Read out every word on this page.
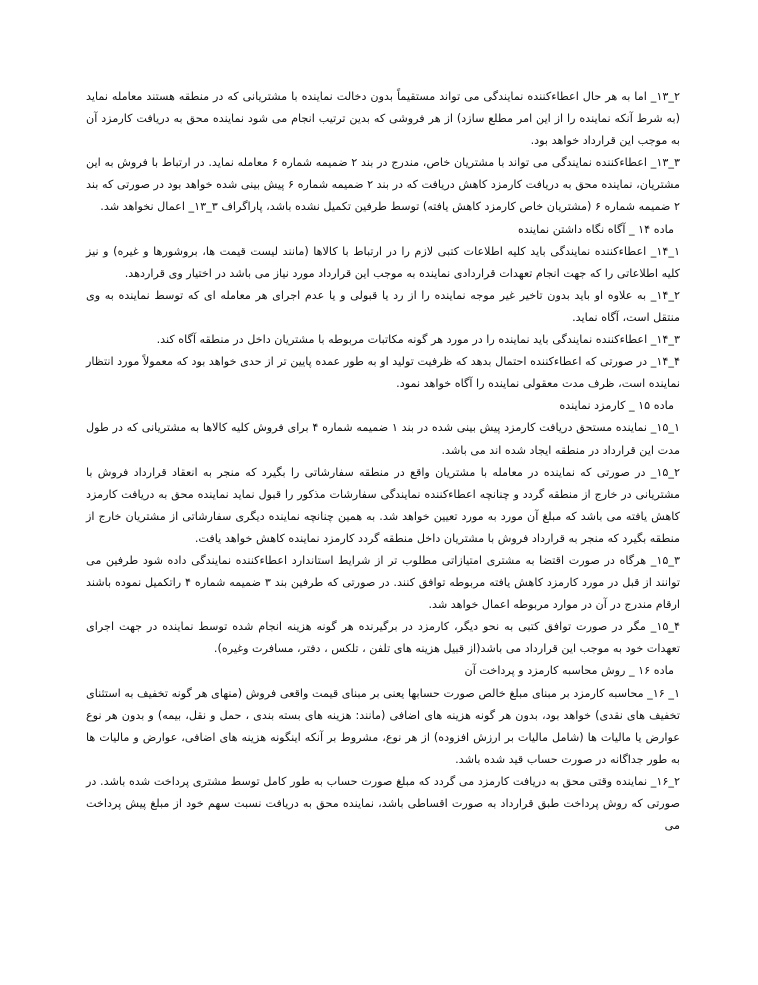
۲_۱۳_ اما به هر حال اعطاءکننده نمایندگی می تواند مستقیماً بدون دخالت نماینده با مشتریانی که در منطقه هستند معامله نماید (به شرط آنکه نماینده را از این امر مطلع سازد) از هر فروشی که بدین ترتیب انجام می شود نماینده محق به دریافت کارمزد آن به موجب این قرارداد خواهد بود.

۳_۱۳_ اعطاءکننده نمایندگی می تواند با مشتریان خاص، مندرج در بند ۲ ضمیمه شماره ۶ معامله نماید. در ارتباط با فروش به این مشتریان، نماینده محق به دریافت کارمزد کاهش دریافت که در بند ۲ ضمیمه شماره ۶ پیش بینی شده خواهد بود در صورتی که بند ۲ ضمیمه شماره ۶ (مشتریان خاص کارمزد کاهش یافته) توسط طرفین تکمیل نشده باشد، پاراگراف ۳_۱۳_ اعمال نخواهد شد.

ماده ۱۴ _ آگاه نگاه داشتن نماینده

۱_۱۴_ اعطاءکننده نمایندگی باید کلیه اطلاعات کتبی لازم را در ارتباط با کالاها (مانند لیست قیمت ها، بروشورها و غیره) و نیز کلیه اطلاعاتی را که جهت انجام تعهدات قراردادی نماینده به موجب این قرارداد مورد نیاز می باشد در اختیار وی قراردهد.

۲_۱۴_ به علاوه او باید بدون تاخیر غیر موجه نماینده را از رد یا قبولی و یا عدم اجرای هر معامله ای که توسط نماینده به وی منتقل است، آگاه نماید.

۳_۱۴_ اعطاءکننده نمایندگی باید نماینده را در مورد هر گونه مکاتبات مربوطه با مشتریان داخل در منطقه آگاه کند.

۴_۱۴_ در صورتی که اعطاءکننده احتمال بدهد که ظرفیت تولید او به طور عمده پایین تر از حدی خواهد بود که معمولاً مورد انتظار نماینده است، ظرف مدت معقولی نماینده را آگاه خواهد نمود.

ماده ۱۵ _ کارمزد نماینده

۱_۱۵_ نماینده مستحق دریافت کارمزد پیش بینی شده در بند ۱ ضمیمه شماره ۴ برای فروش کلیه کالاها به مشتریانی که در طول مدت این قرارداد در منطقه ایجاد شده اند می باشد.

۲_۱۵_ در صورتی که نماینده در معامله با مشتریان واقع در منطقه سفارشاتی را بگیرد که منجر به انعقاد قرارداد فروش با مشتریانی در خارج از منطقه گردد و چنانچه اعطاءکننده نمایندگی سفارشات مذکور را قبول نماید نماینده محق به دریافت کارمزد کاهش یافته می باشد که مبلغ آن مورد به مورد تعیین خواهد شد. به همین چنانچه نماینده دیگری سفارشاتی از مشتریان خارج از منطقه بگیرد که منجر به قرارداد فروش با مشتریان داخل منطقه گردد کارمزد نماینده کاهش خواهد یافت.

۳_۱۵_ هرگاه در صورت اقتضا به مشتری امتیازاتی مطلوب تر از شرایط استاندارد اعطاءکننده نمایندگی داده شود طرفین می توانند از قبل در مورد کارمزد کاهش یافته مربوطه توافق کنند. در صورتی که طرفین بند ۳ ضمیمه شماره ۴ راتکمیل نموده باشند ارقام مندرج در آن در موارد مربوطه اعمال خواهد شد.

۴_۱۵_ مگر در صورت توافق کتبی به نحو دیگر، کارمزد در برگیرنده هر گونه هزینه انجام شده توسط نماینده در جهت اجرای تعهدات خود به موجب این قرارداد می باشد(از قبیل هزینه های تلفن ، تلکس ، دفتر، مسافرت وغیره).

ماده ۱۶ _ روش محاسبه کارمزد و پرداخت آن

۱_ ۱۶_ محاسبه کارمزد بر مبنای مبلغ خالص صورت حسابها یعنی بر مبنای قیمت واقعی فروش (منهای هر گونه تخفیف به استثنای تخفیف های نقدی) خواهد بود، بدون هر گونه هزینه های اضافی (مانند: هزینه های بسته بندی ، حمل و نقل، بیمه) و بدون هر نوع عوارض یا مالیات ها (شامل مالیات بر ارزش افزوده) از هر نوع، مشروط بر آنکه اینگونه هزینه های اضافی، عوارض و مالیات ها به طور جداگانه در صورت حساب قید شده باشد.

۲_۱۶_ نماینده وقتی محق به دریافت کارمزد می گردد که مبلغ صورت حساب به طور کامل توسط مشتری پرداخت شده باشد. در صورتی که روش پرداخت طبق قرارداد به صورت اقساطی باشد، نماینده محق به دریافت نسبت سهم خود از مبلغ پیش پرداخت می
